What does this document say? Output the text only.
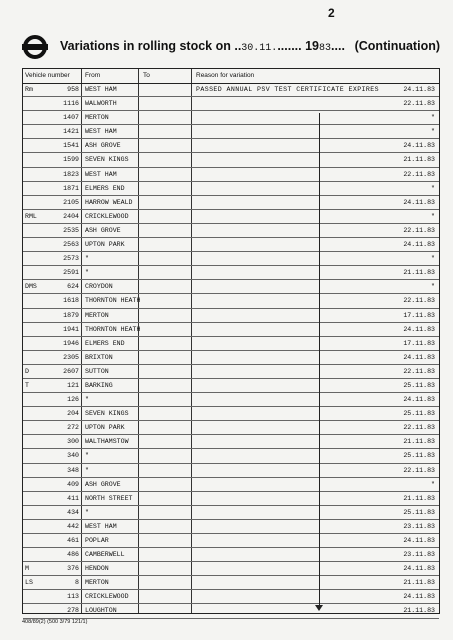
2
Variations in rolling stock on ..30.11........ 1983.... (Continuation)
Vehicle number From	To	Reason for variation
Rm	958 WEST HAM	PASSED ANNUAL PSV TEST CERTIFICATE EXPIRES	24.11.83
1116 WALWORTH	22.11.83
1407 MERTON	"
1421 WEST HAM	"
1541 ASH GROVE	24.11.83
1599 SEVEN KINGS	21.11.83
1823 WEST HAM	22.11.83
1871 ELMERS END	"
2105 HARROW WEALD	24.11.83
RML	2404 CRICKLEWOOD	"
2535 ASH GROVE	22.11.83
2563 UPTON PARK	24.11.83
2573 "	"
2591 "	21.11.83
DMS	624 CROYDON	"
1618 THORNTON HEATH	22.11.83
1879 MERTON	17.11.83
1941 THORNTON HEATH	24.11.83
1946 ELMERS END	17.11.83
2305 BRIXTON	24.11.83
D	2607 SUTTON	22.11.83
T	121 BARKING	25.11.83
126 "	24.11.83
204 SEVEN KINGS	25.11.83
272 UPTON PARK	22.11.83
300 WALTHAMSTOW	21.11.83
340 "	25.11.83
348 "	22.11.83
409 ASH GROVE	"
411 NORTH STREET	21.11.83
434 "	25.11.83
442 WEST HAM	23.11.83
461 POPLAR	24.11.83
486 CAMBERWELL	23.11.83
M	376 HENDON	24.11.83
LS	8 MERTON	21.11.83
113 CRICKLEWOOD	24.11.83
278 LOUGHTON	21.11.83
408/89(2) (500 3/79 121/1)
